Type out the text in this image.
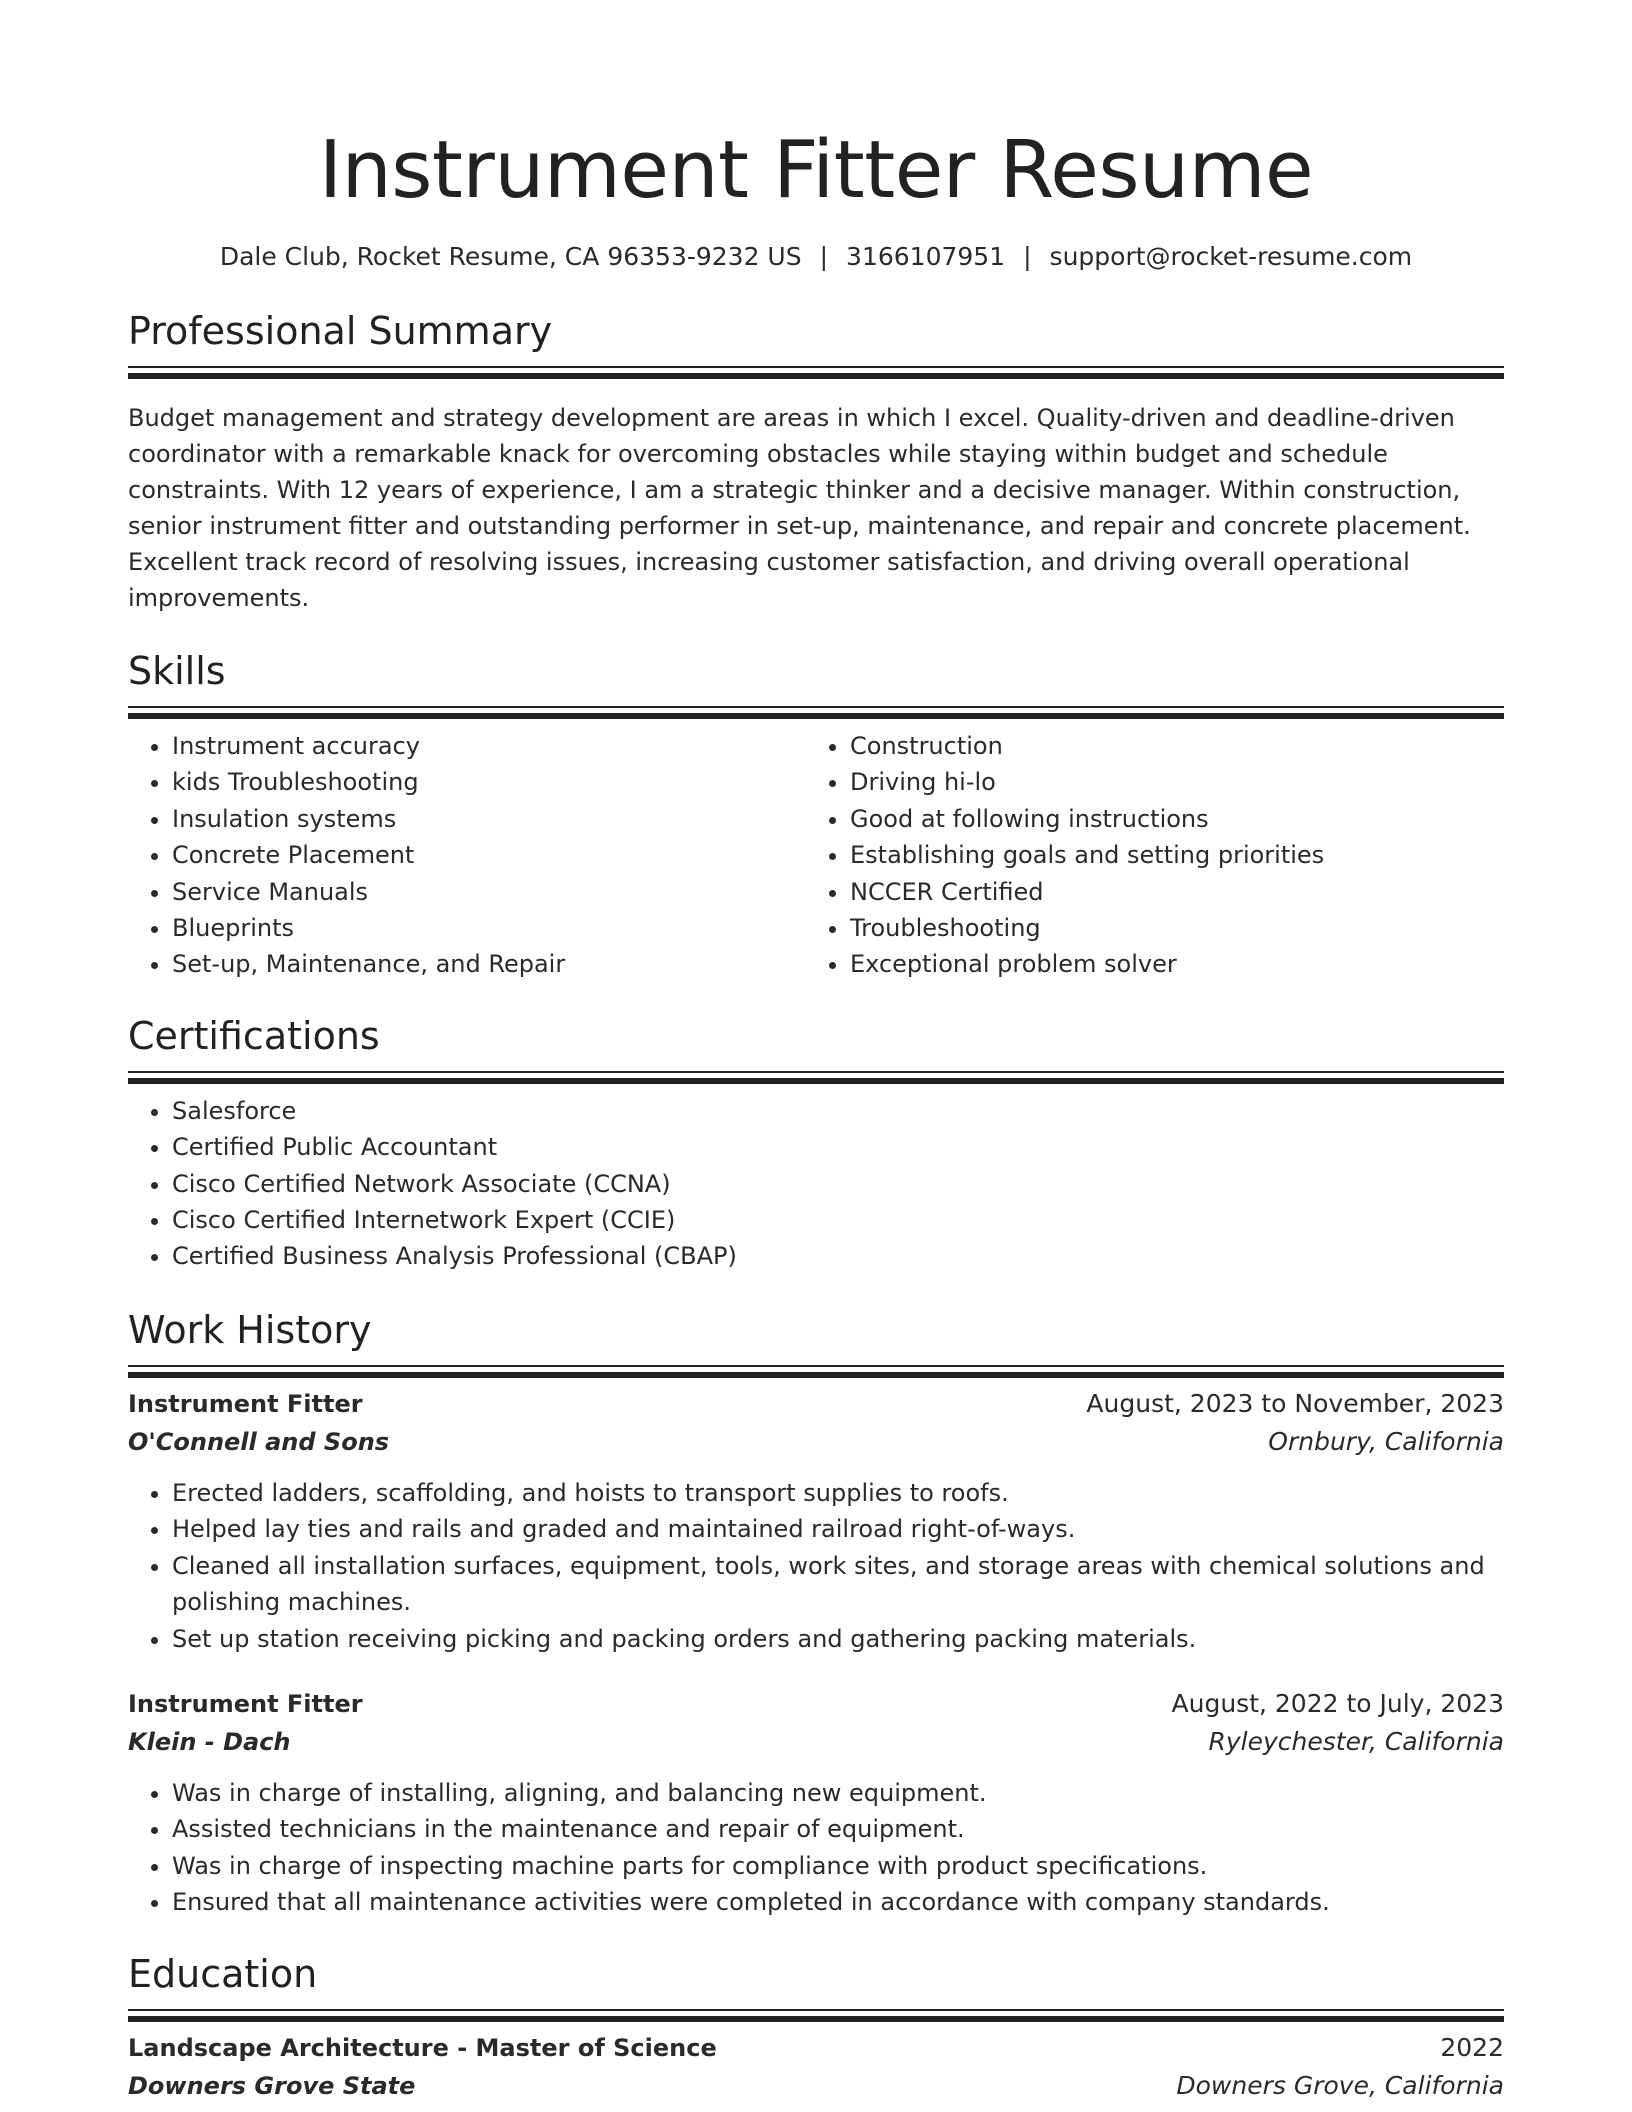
Instrument Fitter Resume
Dale Club, Rocket Resume, CA 96353-9232 US | 3166107951 | support@rocket-resume.com
Professional Summary
Budget management and strategy development are areas in which I excel. Quality-driven and deadline-driven coordinator with a remarkable knack for overcoming obstacles while staying within budget and schedule constraints. With 12 years of experience, I am a strategic thinker and a decisive manager. Within construction, senior instrument fitter and outstanding performer in set-up, maintenance, and repair and concrete placement. Excellent track record of resolving issues, increasing customer satisfaction, and driving overall operational improvements.
Skills
• Instrument accuracy
• kids Troubleshooting
• Insulation systems
• Concrete Placement
• Service Manuals
• Blueprints
• Set-up, Maintenance, and Repair
• Construction
• Driving hi-lo
• Good at following instructions
• Establishing goals and setting priorities
• NCCER Certified
• Troubleshooting
• Exceptional problem solver
Certifications
• Salesforce
• Certified Public Accountant
• Cisco Certified Network Associate (CCNA)
• Cisco Certified Internetwork Expert (CCIE)
• Certified Business Analysis Professional (CBAP)
Work History
Instrument Fitter	August, 2023 to November, 2023
O'Connell and Sons	Ornbury, California
• Erected ladders, scaffolding, and hoists to transport supplies to roofs.
• Helped lay ties and rails and graded and maintained railroad right-of-ways.
• Cleaned all installation surfaces, equipment, tools, work sites, and storage areas with chemical solutions and polishing machines.
• Set up station receiving picking and packing orders and gathering packing materials.
Instrument Fitter	August, 2022 to July, 2023
Klein - Dach	Ryleychester, California
• Was in charge of installing, aligning, and balancing new equipment.
• Assisted technicians in the maintenance and repair of equipment.
• Was in charge of inspecting machine parts for compliance with product specifications.
• Ensured that all maintenance activities were completed in accordance with company standards.
Education
Landscape Architecture - Master of Science	2022
Downers Grove State	Downers Grove, California
